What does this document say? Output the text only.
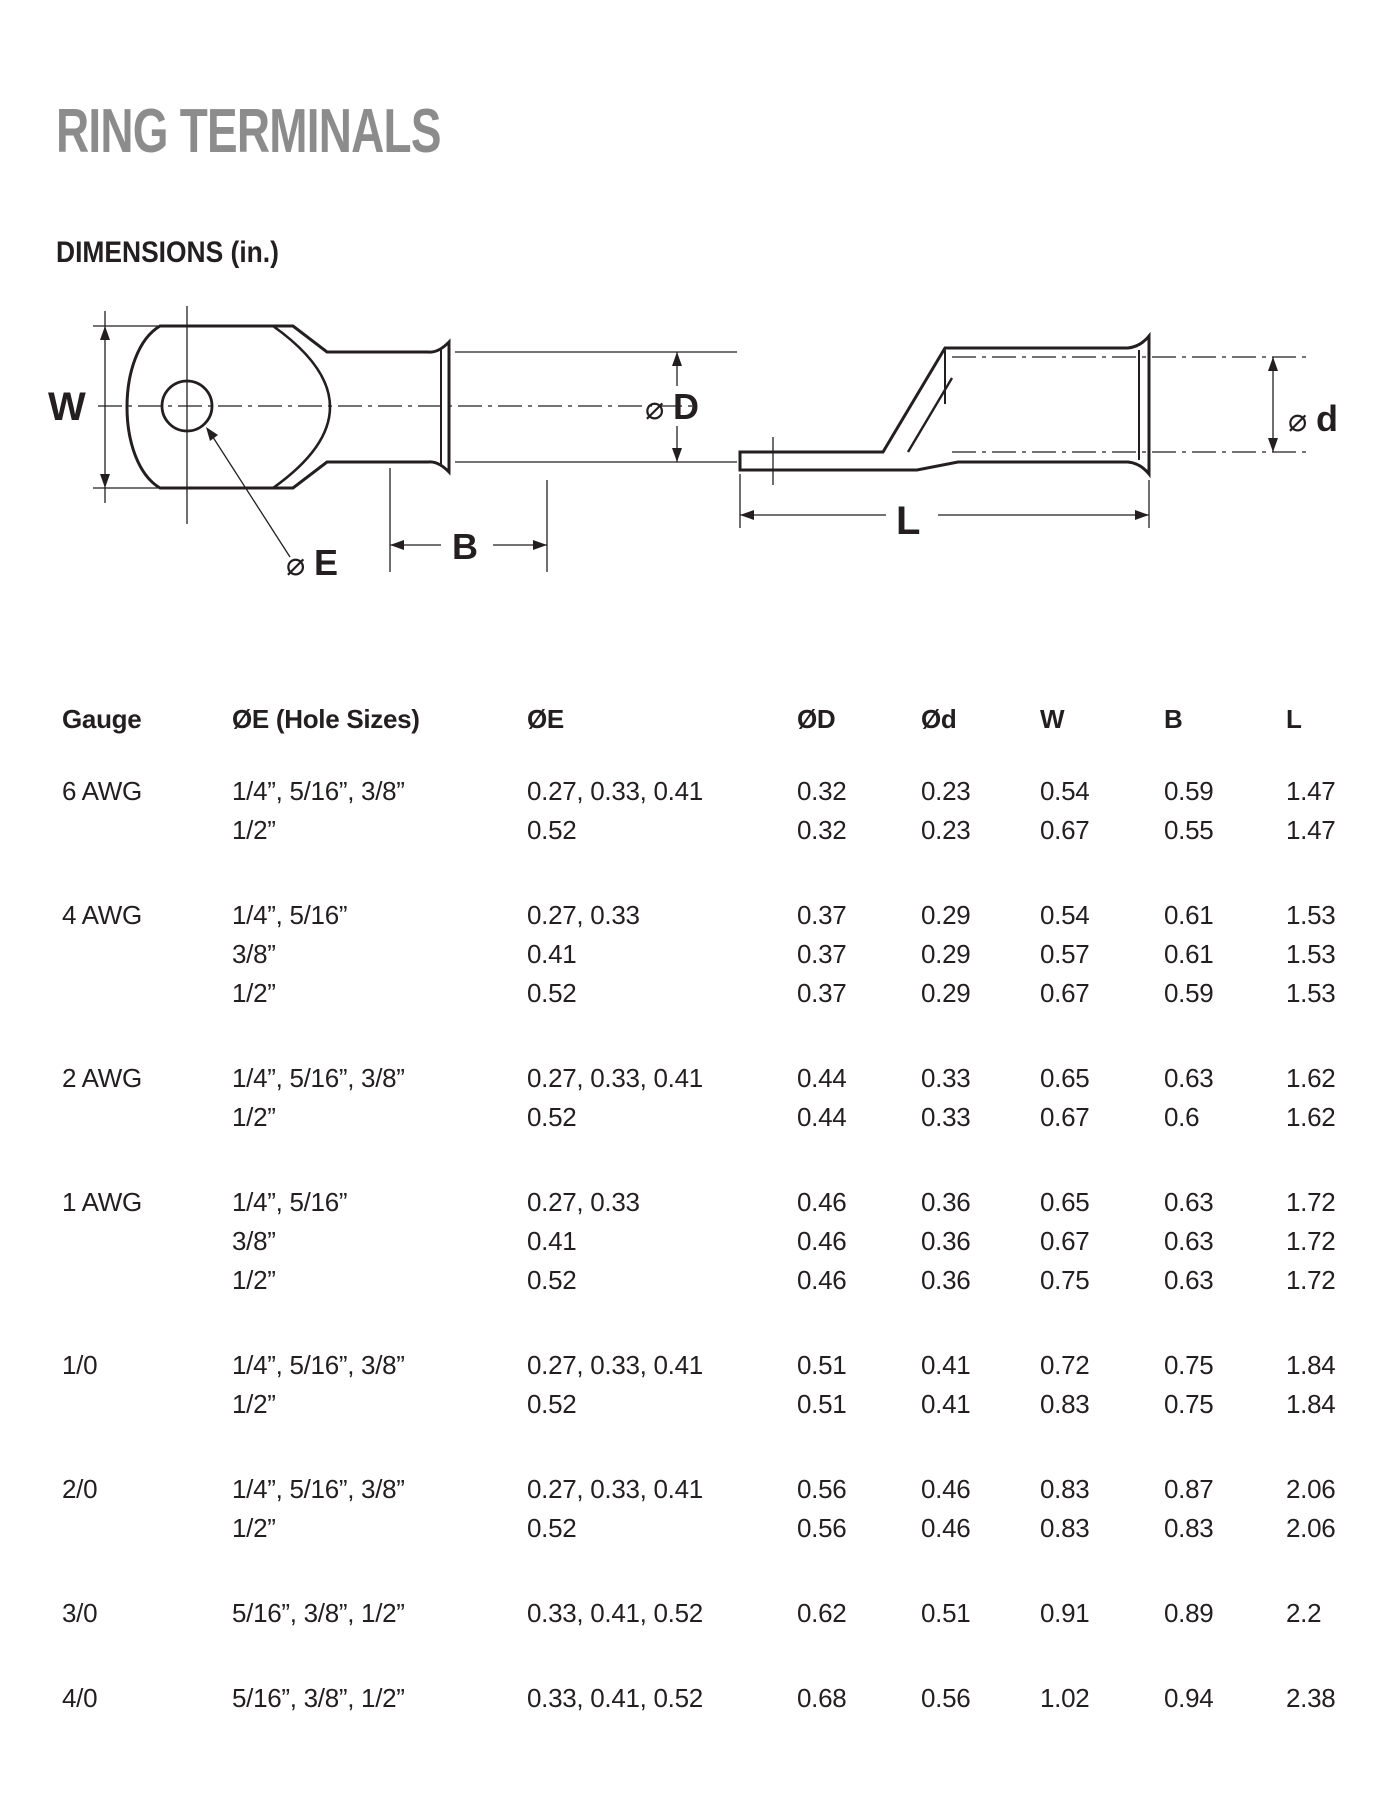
RING TERMINALS
DIMENSIONS (in.)
W
⌀ E	B
⌀ D	⌀ d
L
Gauge	ØE (Hole Sizes)	ØE	ØD	Ød	W	B	L
6 AWG	1/4”, 5/16”, 3/8”	0.27, 0.33, 0.41	0.32	0.23	0.54	0.59	1.47
1/2”	0.52	0.32	0.23	0.67	0.55	1.47
4 AWG	1/4”, 5/16”	0.27, 0.33	0.37	0.29	0.54	0.61	1.53
3/8”	0.41	0.37	0.29	0.57	0.61	1.53
1/2”	0.52	0.37	0.29	0.67	0.59	1.53
2 AWG	1/4”, 5/16”, 3/8”	0.27, 0.33, 0.41	0.44	0.33	0.65	0.63	1.62
1/2”	0.52	0.44	0.33	0.67	0.6	1.62
1 AWG	1/4”, 5/16”	0.27, 0.33	0.46	0.36	0.65	0.63	1.72
3/8”	0.41	0.46	0.36	0.67	0.63	1.72
1/2”	0.52	0.46	0.36	0.75	0.63	1.72
1/0	1/4”, 5/16”, 3/8”	0.27, 0.33, 0.41	0.51	0.41	0.72	0.75	1.84
1/2”	0.52	0.51	0.41	0.83	0.75	1.84
2/0	1/4”, 5/16”, 3/8”	0.27, 0.33, 0.41	0.56	0.46	0.83	0.87	2.06
1/2”	0.52	0.56	0.46	0.83	0.83	2.06
3/0	5/16”, 3/8”, 1/2”	0.33, 0.41, 0.52	0.62	0.51	0.91	0.89	2.2
4/0	5/16”, 3/8”, 1/2”	0.33, 0.41, 0.52	0.68	0.56	1.02	0.94	2.38
